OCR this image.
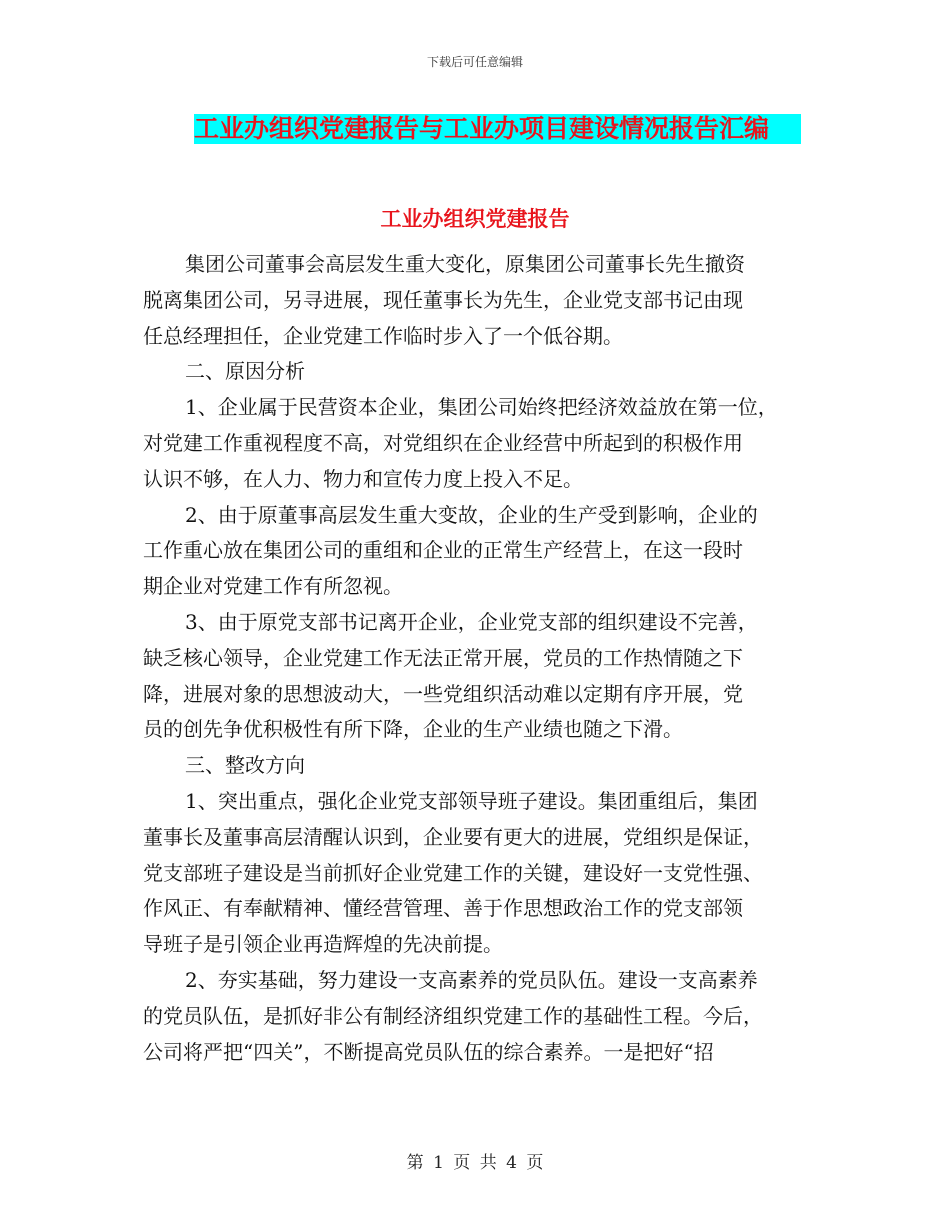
下载后可任意编辑
工业办组织党建报告与工业办项目建设情况报告汇编
工业办组织党建报告
集团公司董事会高层发生重大变化，原集团公司董事长先生撤资
脱离集团公司，另寻进展，现任董事长为先生，企业党支部书记由现
任总经理担任，企业党建工作临时步入了一个低谷期。
二、原因分析
1、企业属于民营资本企业，集团公司始终把经济效益放在第一位，
对党建工作重视程度不高，对党组织在企业经营中所起到的积极作用
认识不够，在人力、物力和宣传力度上投入不足。
2、由于原董事高层发生重大变故，企业的生产受到影响，企业的
工作重心放在集团公司的重组和企业的正常生产经营上，在这一段时
期企业对党建工作有所忽视。
3、由于原党支部书记离开企业，企业党支部的组织建设不完善，
缺乏核心领导，企业党建工作无法正常开展，党员的工作热情随之下
降，进展对象的思想波动大，一些党组织活动难以定期有序开展，党
员的创先争优积极性有所下降，企业的生产业绩也随之下滑。
三、整改方向
1、突出重点，强化企业党支部领导班子建设。集团重组后，集团
董事长及董事高层清醒认识到，企业要有更大的进展，党组织是保证，
党支部班子建设是当前抓好企业党建工作的关键，建设好一支党性强、
作风正、有奉献精神、懂经营管理、善于作思想政治工作的党支部领
导班子是引领企业再造辉煌的先决前提。
2、夯实基础，努力建设一支高素养的党员队伍。建设一支高素养
的党员队伍，是抓好非公有制经济组织党建工作的基础性工程。今后，
公司将严把“四关”，不断提高党员队伍的综合素养。一是把好“招
第 1 页 共 4 页
